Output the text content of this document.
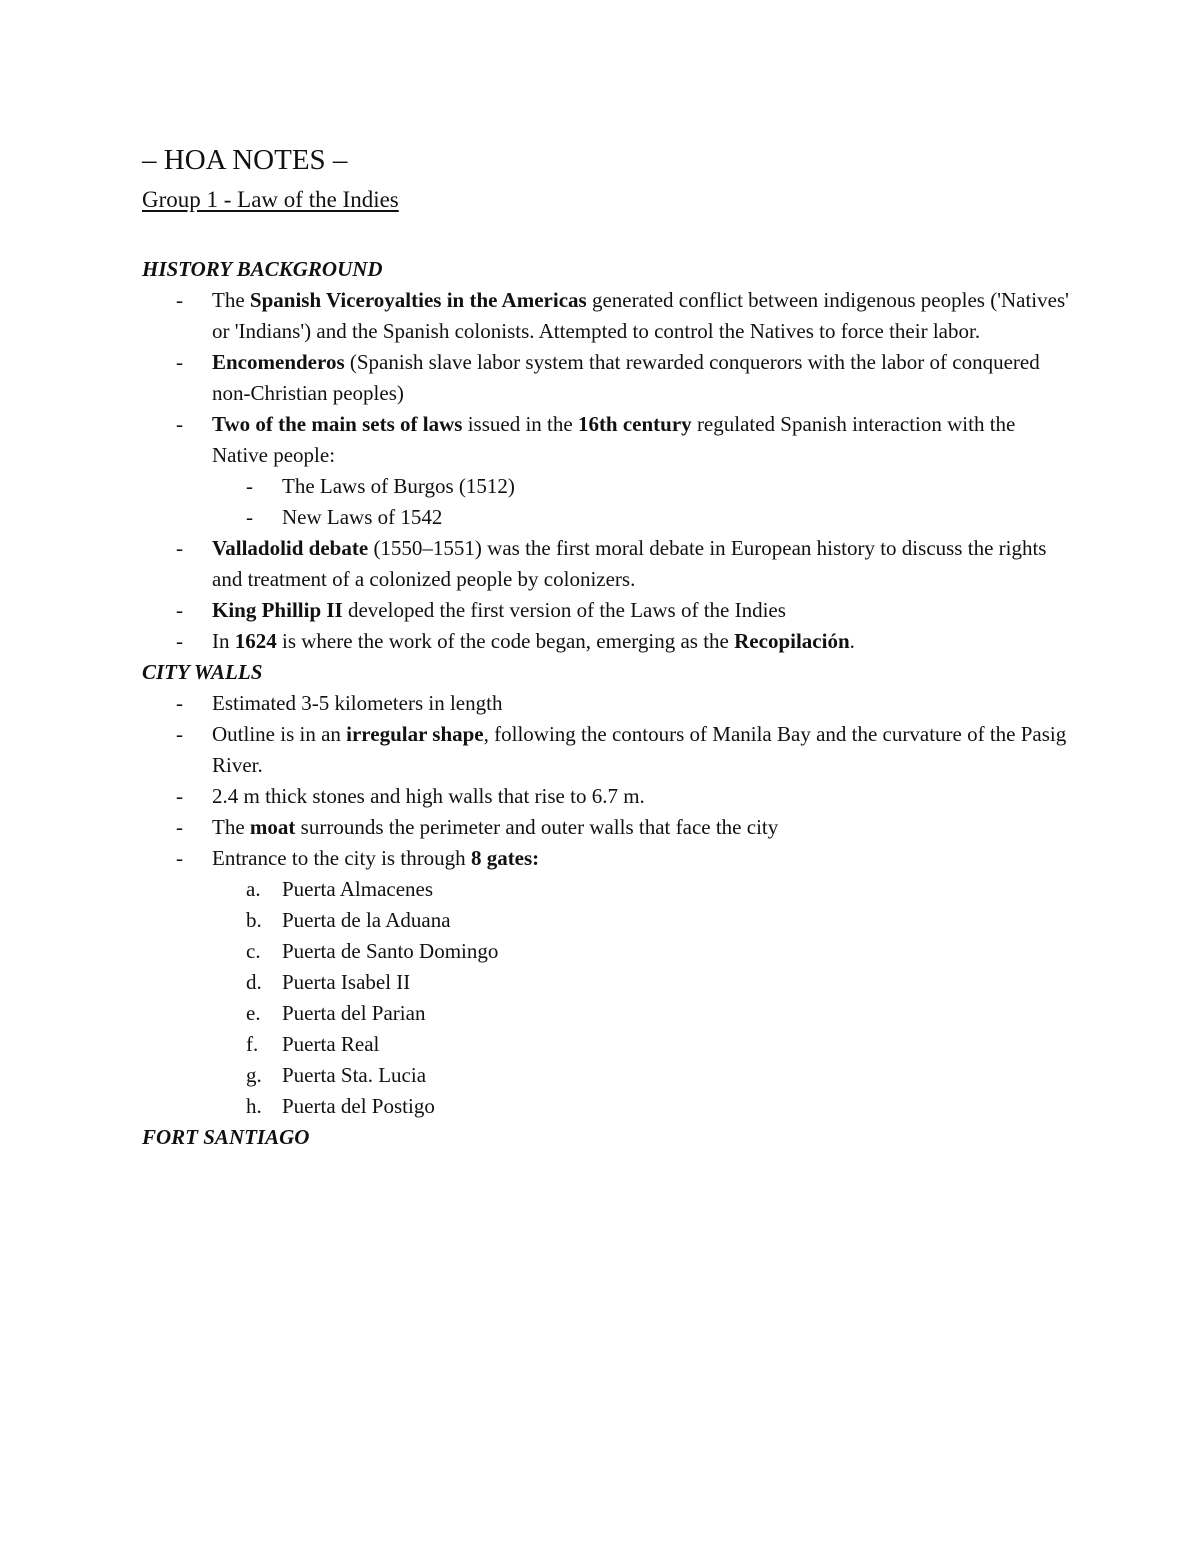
– HOA NOTES –
Group 1 - Law of the Indies
HISTORY BACKGROUND
- The Spanish Viceroyalties in the Americas generated conflict between indigenous peoples ('Natives' or 'Indians') and the Spanish colonists. Attempted to control the Natives to force their labor.
- Encomenderos (Spanish slave labor system that rewarded conquerors with the labor of conquered non-Christian peoples)
- Two of the main sets of laws issued in the 16th century regulated Spanish interaction with the Native people:
- The Laws of Burgos (1512)
- New Laws of 1542
- Valladolid debate (1550–1551) was the first moral debate in European history to discuss the rights and treatment of a colonized people by colonizers.
- King Phillip II developed the first version of the Laws of the Indies
- In 1624 is where the work of the code began, emerging as the Recopilación.
CITY WALLS
- Estimated 3-5 kilometers in length
- Outline is in an irregular shape, following the contours of Manila Bay and the curvature of the Pasig River.
- 2.4 m thick stones and high walls that rise to 6.7 m.
- The moat surrounds the perimeter and outer walls that face the city
- Entrance to the city is through 8 gates:
a. Puerta Almacenes
b. Puerta de la Aduana
c. Puerta de Santo Domingo
d. Puerta Isabel II
e. Puerta del Parian
f. Puerta Real
g. Puerta Sta. Lucia
h. Puerta del Postigo
FORT SANTIAGO
